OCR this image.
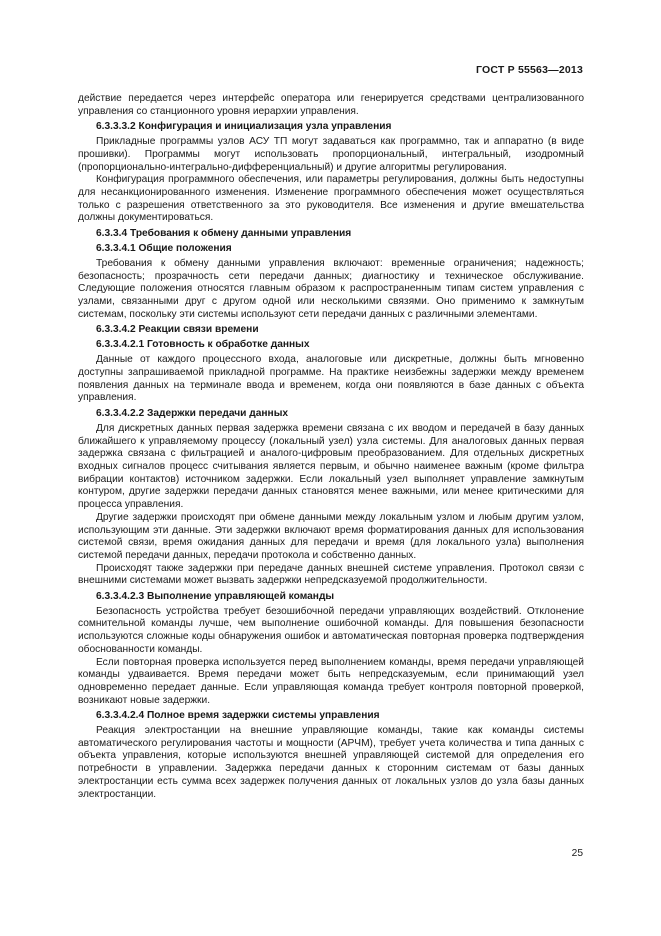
ГОСТ Р 55563—2013

действие передается через интерфейс оператора или генерируется средствами централизованного управления со станционного уровня иерархии управления.

6.3.3.3.2 Конфигурация и инициализация узла управления

Прикладные программы узлов АСУ ТП могут задаваться как программно, так и аппаратно (в виде прошивки). Программы могут использовать пропорциональный, интегральный, изодромный (пропорционально-интегрально-дифференциальный) и другие алгоритмы регулирования.

Конфигурация программного обеспечения, или параметры регулирования, должны быть недоступны для несанкционированного изменения. Изменение программного обеспечения может осуществляться только с разрешения ответственного за это руководителя. Все изменения и другие вмешательства должны документироваться.

6.3.3.4 Требования к обмену данными управления
6.3.3.4.1 Общие положения

Требования к обмену данными управления включают: временные ограничения; надежность; безопасность; прозрачность сети передачи данных; диагностику и техническое обслуживание. Следующие положения относятся главным образом к распространенным типам систем управления с узлами, связанными друг с другом одной или несколькими связями. Оно применимо к замкнутым системам, поскольку эти системы используют сети передачи данных с различными элементами.

6.3.3.4.2 Реакции связи времени
6.3.3.4.2.1 Готовность к обработке данных

Данные от каждого процессного входа, аналоговые или дискретные, должны быть мгновенно доступны запрашиваемой прикладной программе. На практике неизбежны задержки между временем появления данных на терминале ввода и временем, когда они появляются в базе данных с объекта управления.

6.3.3.4.2.2 Задержки передачи данных

Для дискретных данных первая задержка времени связана с их вводом и передачей в базу данных ближайшего к управляемому процессу (локальный узел) узла системы. Для аналоговых данных первая задержка связана с фильтрацией и аналого-цифровым преобразованием. Для отдельных дискретных входных сигналов процесс считывания является первым, и обычно наименее важным (кроме фильтра вибрации контактов) источником задержки. Если локальный узел выполняет управление замкнутым контуром, другие задержки передачи данных становятся менее важными, или менее критическими для процесса управления.

Другие задержки происходят при обмене данными между локальным узлом и любым другим узлом, использующим эти данные. Эти задержки включают время форматирования данных для использования системой связи, время ожидания данных для передачи и время (для локального узла) выполнения системой передачи данных, передачи протокола и собственно данных.

Происходят также задержки при передаче данных внешней системе управления. Протокол связи с внешними системами может вызвать задержки непредсказуемой продолжительности.

6.3.3.4.2.3 Выполнение управляющей команды

Безопасность устройства требует безошибочной передачи управляющих воздействий. Отклонение сомнительной команды лучше, чем выполнение ошибочной команды. Для повышения безопасности используются сложные коды обнаружения ошибок и автоматическая повторная проверка подтверждения обоснованности команды.

Если повторная проверка используется перед выполнением команды, время передачи управляющей команды удваивается. Время передачи может быть непредсказуемым, если принимающий узел одновременно передает данные. Если управляющая команда требует контроля повторной проверкой, возникают новые задержки.

6.3.3.4.2.4 Полное время задержки системы управления

Реакция электростанции на внешние управляющие команды, такие как команды системы автоматического регулирования частоты и мощности (АРЧМ), требует учета количества и типа данных с объекта управления, которые используются внешней управляющей системой для определения его потребности в управлении. Задержка передачи данных к сторонним системам от базы данных электростанции есть сумма всех задержек получения данных от локальных узлов до узла базы данных электростанции.

25
